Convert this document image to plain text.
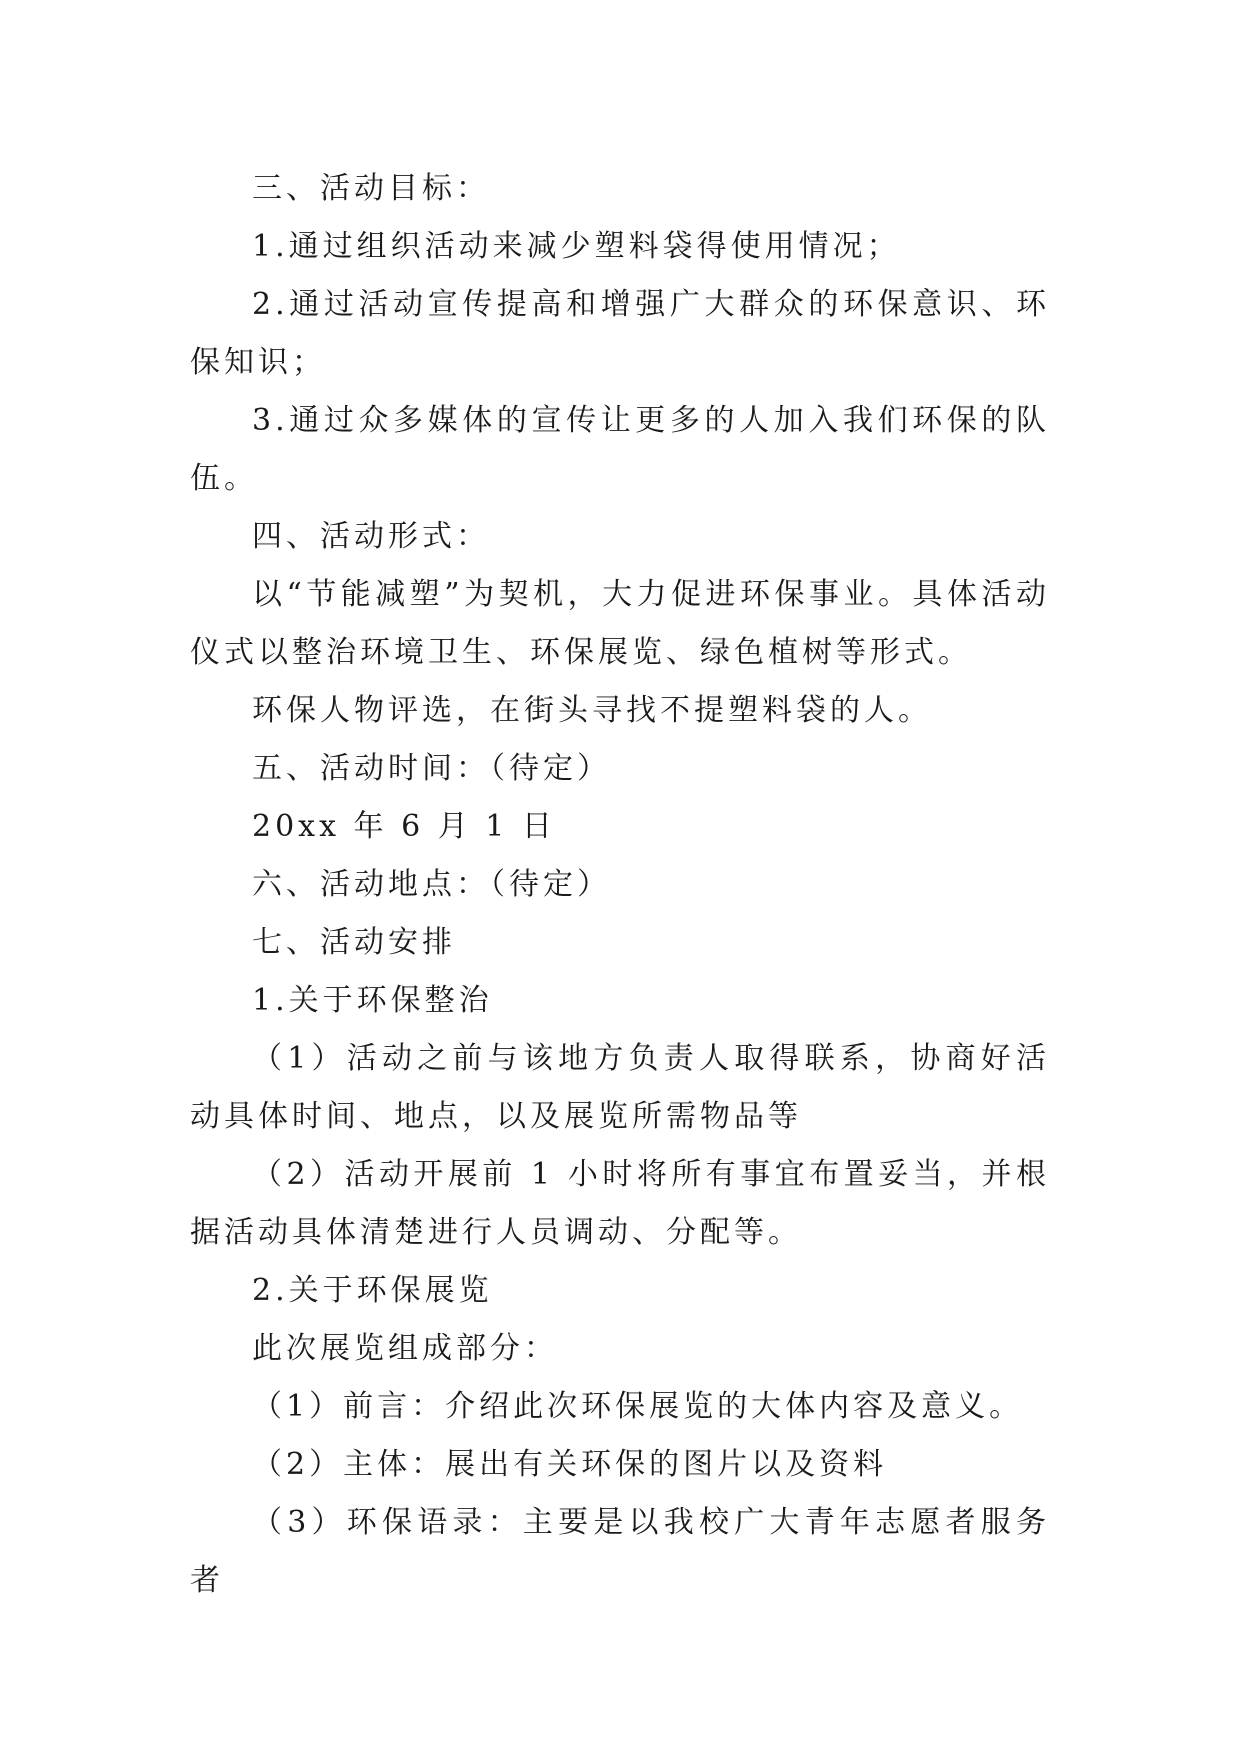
三、活动目标：

1.通过组织活动来减少塑料袋得使用情况；

2.通过活动宣传提高和增强广大群众的环保意识、环保知识；

3.通过众多媒体的宣传让更多的人加入我们环保的队伍。

四、活动形式：

以“节能减塑”为契机，大力促进环保事业。具体活动仪式以整治环境卫生、环保展览、绿色植树等形式。

环保人物评选，在街头寻找不提塑料袋的人。

五、活动时间：（待定）

20xx 年 6 月 1 日

六、活动地点：（待定）

七、活动安排

1.关于环保整治

（1）活动之前与该地方负责人取得联系，协商好活动具体时间、地点，以及展览所需物品等

（2）活动开展前 1 小时将所有事宜布置妥当，并根据活动具体清楚进行人员调动、分配等。

2.关于环保展览

此次展览组成部分：

（1）前言：介绍此次环保展览的大体内容及意义。

（2）主体：展出有关环保的图片以及资料

（3）环保语录：主要是以我校广大青年志愿者服务者
